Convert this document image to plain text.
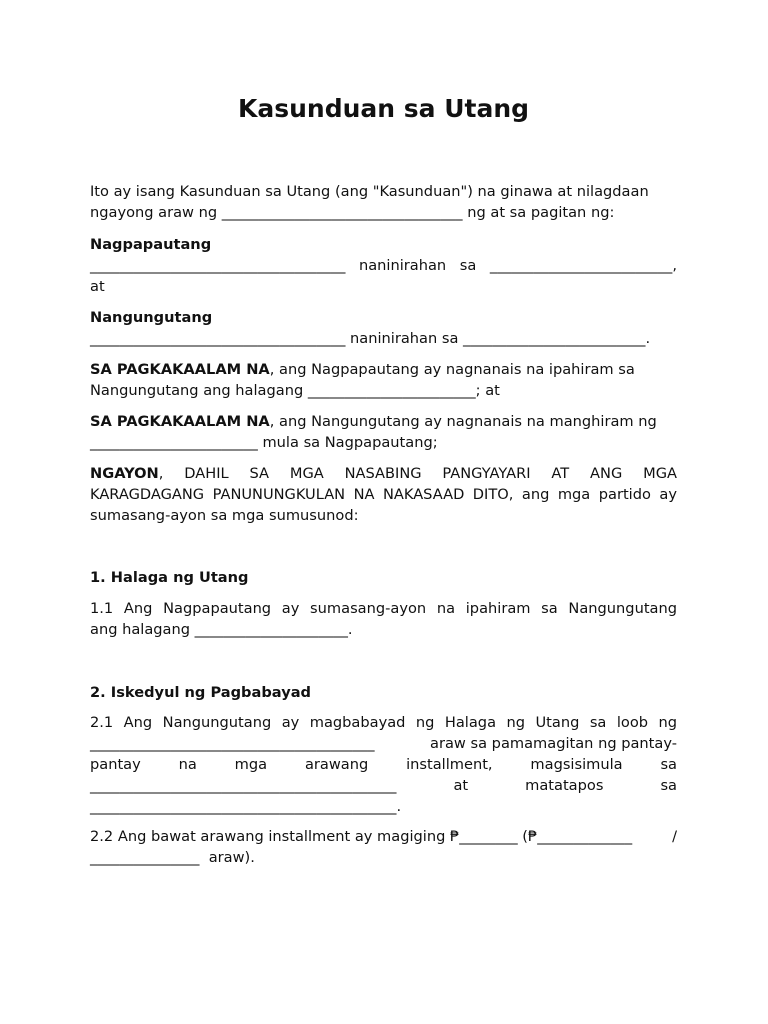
Kasunduan sa Utang

Ito ay isang Kasunduan sa Utang (ang "Kasunduan") na ginawa at nilagdaan

ngayong araw ng _________________________________ ng at sa pagitan ng:

Nagpapautang

___________________________________ naninirahan sa _________________________,

at

Nangungutang

___________________________________ naninirahan sa _________________________.

SA PAGKAKAALAM NA, ang Nagpapautang ay nagnanais na ipahiram sa

Nangungutang ang halagang _______________________; at

SA PAGKAKAALAM NA, ang Nangungutang ay nagnanais na manghiram ng

_______________________ mula sa Nagpapautang;

NGAYON, DAHIL SA MGA NASABING PANGYAYARI AT ANG MGA

KARAGDAGANG PANUNUNGKULAN NA NAKASAAD DITO, ang mga partido ay

sumasang-ayon sa mga sumusunod:

1. Halaga ng Utang

1.1 Ang Nagpapautang ay sumasang-ayon na ipahiram sa Nangungutang

ang halagang _____________________.

2. Iskedyul ng Pagbabayad

2.1 Ang Nangungutang ay magbabayad ng Halaga ng Utang sa loob ng

_______________________________________	araw sa pamamagitan ng pantay-
pantay	na	mga	arawang	installment,	magsisimula	sa
__________________________________________	at	matatapos	sa

__________________________________________.

2.2 Ang bawat arawang installment ay magiging ₱________ (₱_____________	/

_______________  araw).
